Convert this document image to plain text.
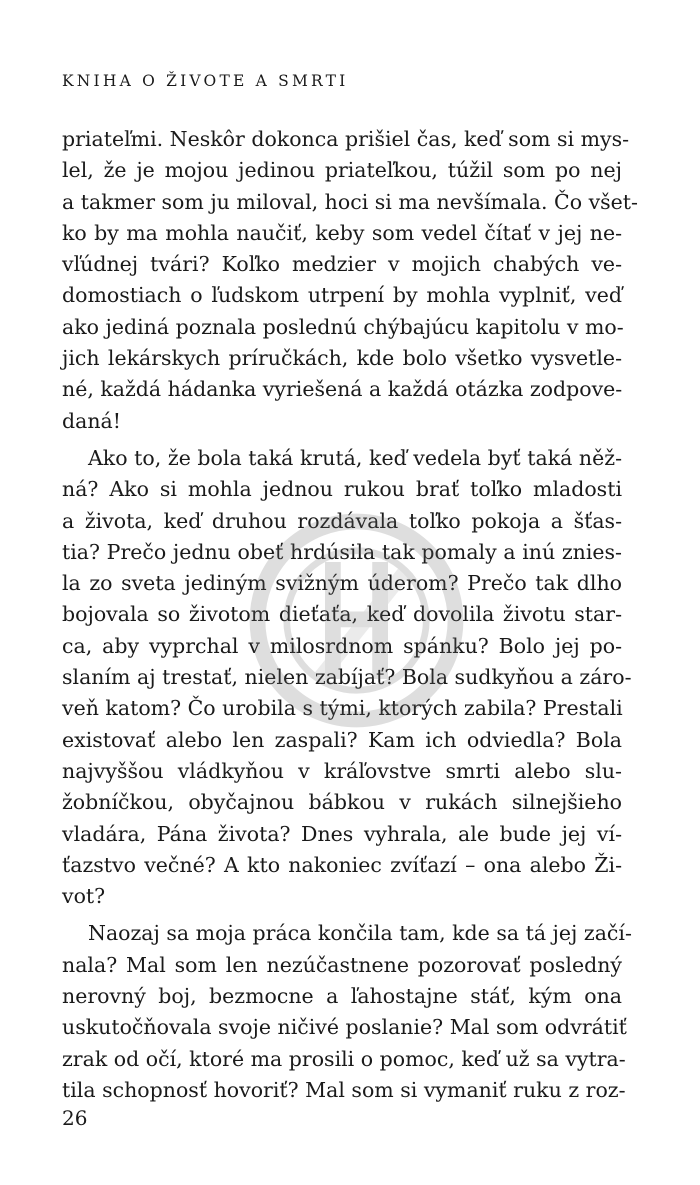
KNIHA O ŽIVOTE A SMRTI

priateľmi. Neskôr dokonca prišiel čas, keď som si mys-
lel, že je mojou jedinou priateľkou, túžil som po nej
a takmer som ju miloval, hoci si ma nevšímala. Čo všet-
ko by ma mohla naučiť, keby som vedel čítať v jej ne-
vľúdnej tvári? Koľko medzier v mojich chabých ve-
domostiach o ľudskom utrpení by mohla vyplniť, veď
ako jediná poznala poslednú chýbajúcu kapitolu v mo-
jich lekárskych príručkách, kde bolo všetko vysvetle-
né, každá hádanka vyriešená a každá otázka zodpove-
daná!

Ako to, že bola taká krutá, keď vedela byť taká něž-
ná? Ako si mohla jednou rukou brať toľko mladosti
a života, keď druhou rozdávala toľko pokoja a šťas-
tia? Prečo jednu obeť hrdúsila tak pomaly a inú znies-
la zo sveta jediným svižným úderom? Prečo tak dlho
bojovala so životom dieťaťa, keď dovolila životu star-
ca, aby vyprchal v milosrdnom spánku? Bolo jej po-
slaním aj trestať, nielen zabíjať? Bola sudkyňou a záro-
veň katom? Čo urobila s tými, ktorých zabila? Prestali
existovať alebo len zaspali? Kam ich odviedla? Bola
najvyššou vládkyňou v kráľovstve smrti alebo slu-
žobníčkou, obyčajnou bábkou v rukách silnejšieho
vladára, Pána života? Dnes vyhrala, ale bude jej ví-
ťazstvo večné? A kto nakoniec zvíťazí – ona alebo Ži-
vot?

Naozaj sa moja práca končila tam, kde sa tá jej začí-
nala? Mal som len nezúčastnene pozorovať posledný
nerovný boj, bezmocne a ľahostajne stáť, kým ona
uskutočňovala svoje ničivé poslanie? Mal som odvrátiť
zrak od očí, ktoré ma prosili o pomoc, keď už sa vytra-
tila schopnosť hovoriť? Mal som si vymaniť ruku z roz-

26
